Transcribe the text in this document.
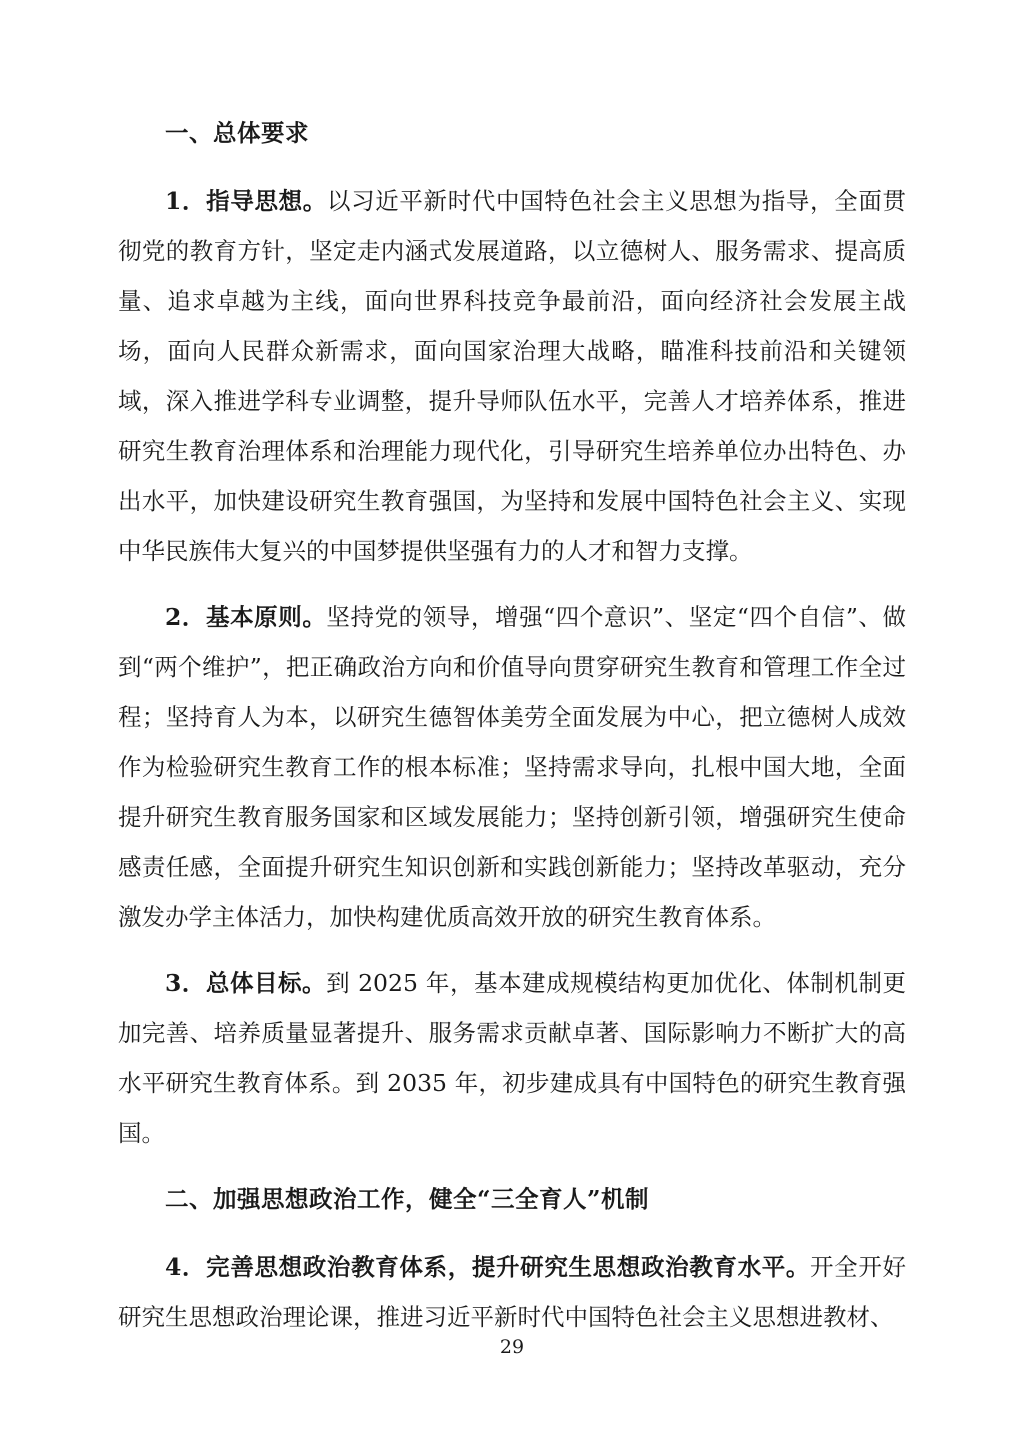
一、总体要求

1．指导思想。以习近平新时代中国特色社会主义思想为指导，全面贯彻党的教育方针，坚定走内涵式发展道路，以立德树人、服务需求、提高质量、追求卓越为主线，面向世界科技竞争最前沿，面向经济社会发展主战场，面向人民群众新需求，面向国家治理大战略，瞄准科技前沿和关键领域，深入推进学科专业调整，提升导师队伍水平，完善人才培养体系，推进研究生教育治理体系和治理能力现代化，引导研究生培养单位办出特色、办出水平，加快建设研究生教育强国，为坚持和发展中国特色社会主义、实现中华民族伟大复兴的中国梦提供坚强有力的人才和智力支撑。

2．基本原则。坚持党的领导，增强“四个意识”、坚定“四个自信”、做到“两个维护”，把正确政治方向和价值导向贯穿研究生教育和管理工作全过程；坚持育人为本，以研究生德智体美劳全面发展为中心，把立德树人成效作为检验研究生教育工作的根本标准；坚持需求导向，扎根中国大地，全面提升研究生教育服务国家和区域发展能力；坚持创新引领，增强研究生使命感责任感，全面提升研究生知识创新和实践创新能力；坚持改革驱动，充分激发办学主体活力，加快构建优质高效开放的研究生教育体系。

3．总体目标。到 2025 年，基本建成规模结构更加优化、体制机制更加完善、培养质量显著提升、服务需求贡献卓著、国际影响力不断扩大的高水平研究生教育体系。到 2035 年，初步建成具有中国特色的研究生教育强国。

二、加强思想政治工作，健全“三全育人”机制

4．完善思想政治教育体系，提升研究生思想政治教育水平。开全开好研究生思想政治理论课，推进习近平新时代中国特色社会主义思想进教材、

29
